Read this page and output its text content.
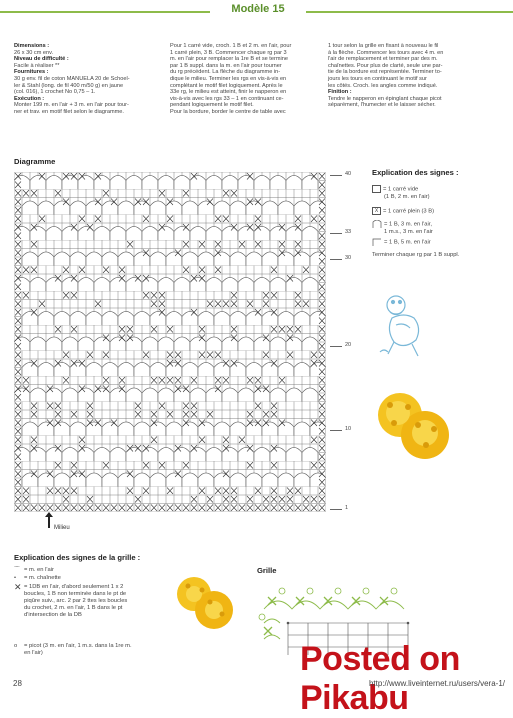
Modèle 15
Dimensions :
26 x 30 cm env.
Niveau de difficulté :
Facile à réaliser **
Fournitures :
30 g env. fil de coton MANUELA 20 de Schoel-
ler & Stahl (long. de fil 400 m/50 g) en jaune
(col. 016), 1 crochet No 0,75 – 1.
Exécution :
Monter 199 m. en l'air + 3 m. en l'air pour tour-
ner et trav. en motif filet selon le diagramme.
Pour 1 carré vide, croch. 1 B et 2 m. en l'air, pour
1 carré plein, 3 B. Commencer chaque rg par 3
m. en l'air pour remplacer la 1re B et se termine
par 1 B suppl. dans la m. en l'air pour tourner
du rg précédent. La flèche du diagramme in-
dique le milieu. Terminer les rgs en vis-à-vis en
complétant le motif filet logiquement. Après le
33e rg, le milieu est atteint, finir le napperon en
vis-à-vis avec les rgs 33 – 1 en continuant ce-
pendant logiquement le motif filet.
Pour la bordure, border le centre de table avec
1 tour selon la grille en fixant à nouveau le fil
à la flèche. Commencer les tours avec 4 m. en
l'air de remplacement et terminer par des m.
chaînettes. Pour plus de clarté, seule une par-
tie de la bordure est représentée. Terminer to-
jours les tours en continuant le motif sur
les côtés. Croch. les angles comme indiqué.
Finition :
Tendre le napperon en épinglant chaque picot
séparément, l'humecter et le laisser sécher.
Diagramme
40
33
30
20
10
1
Milieu
Explication des signes :
= 1 carré vide
(1 B, 2 m. en l'air)
X = 1 carré plein (3 B)
= 1 B, 3 m. en l'air,
1 m.s., 3 m. en l'air
= 1 B, 5 m. en l'air
Terminer chaque rg par 1 B suppl.
Explication des signes de la grille :
⌒ = m. en l'air
• = m. chaînette
✕ = 1DB en l'air, d'abord seulement 1 x 2
boucles, 1 B non terminée dans le pt de
piqûre suiv., arc. 2 par 2 ttes les boucles
du crochet, 2 m. en l'air, 1 B dans le pt
d'intersection de la DB
ο = picot (3 m. en l'air, 1 m.s. dans la 1re m.
en l'air)
Grille
28
Posted on Pikabu
http://www.liveinternet.ru/users/vera-1/
